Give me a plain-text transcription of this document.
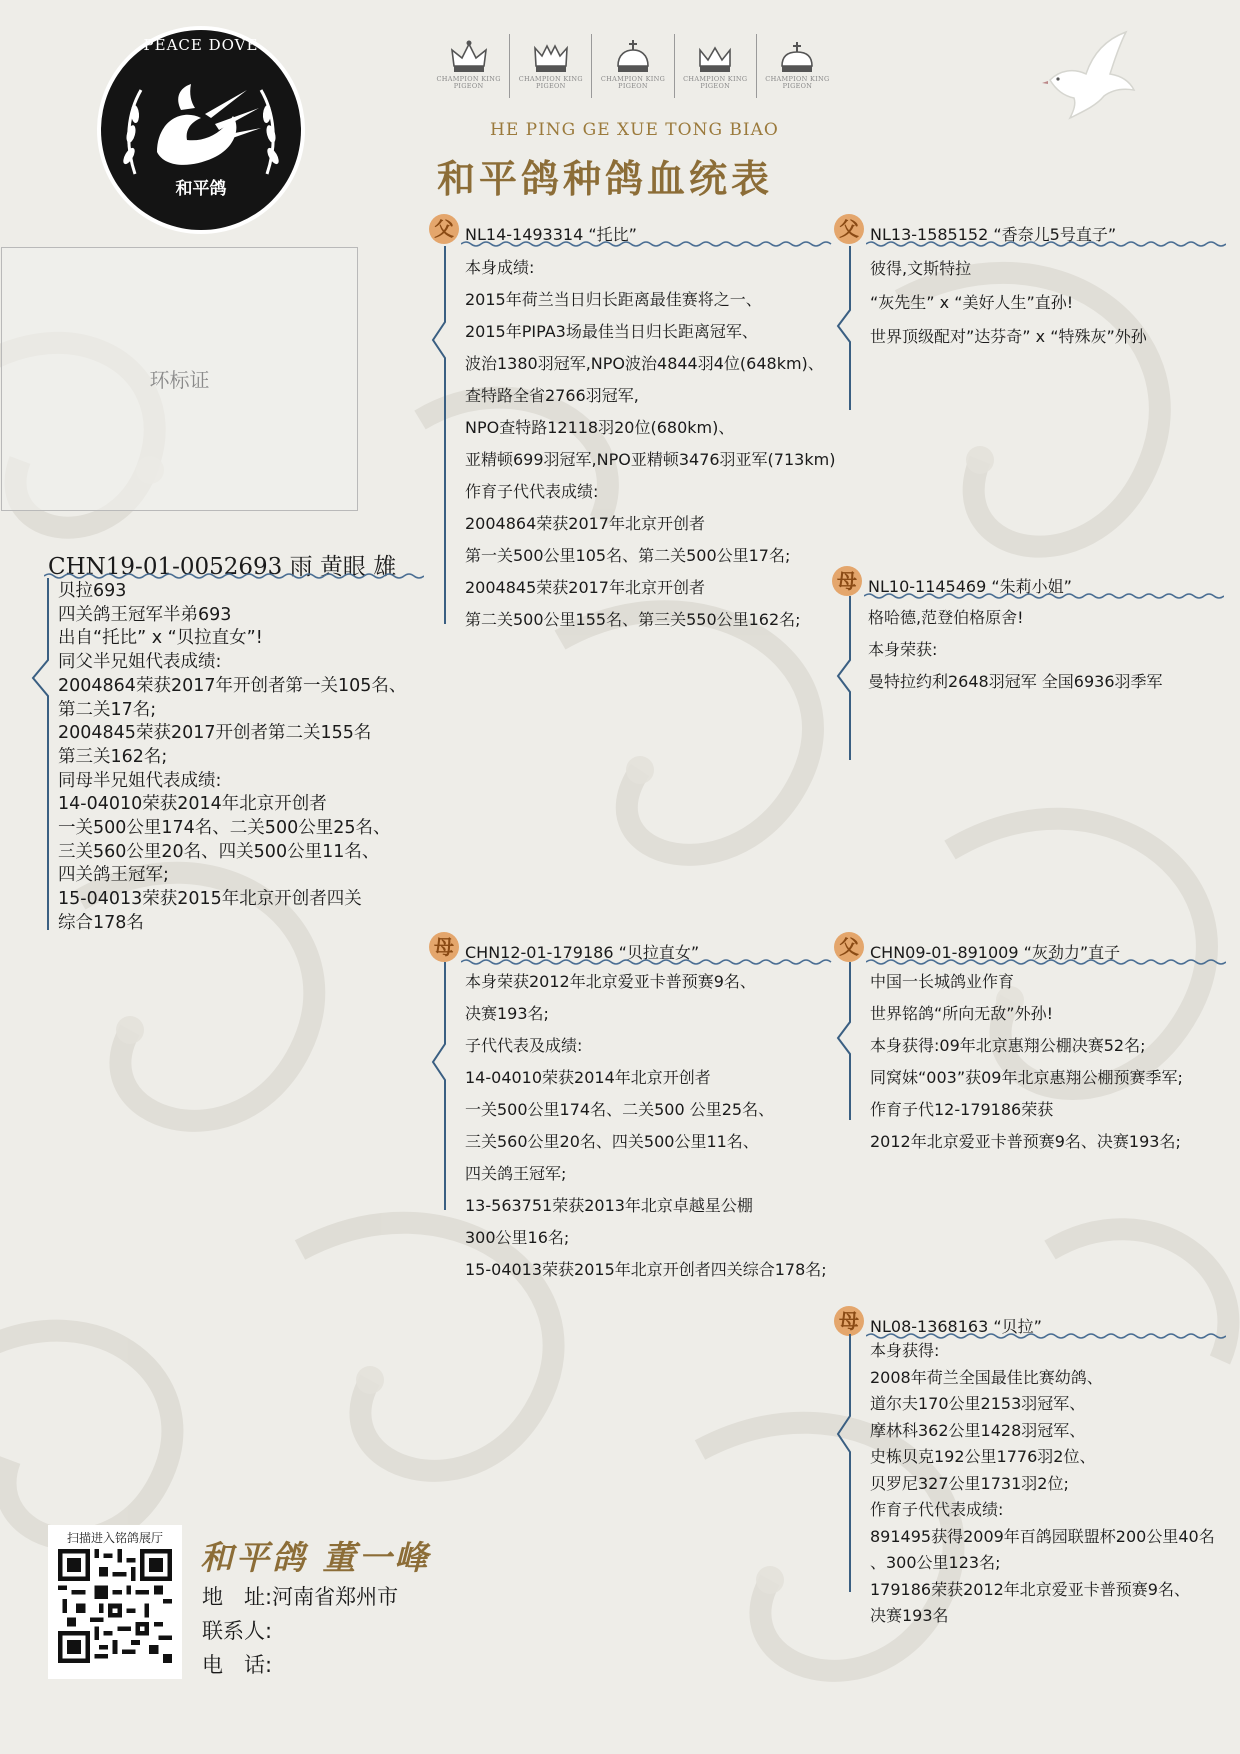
PEACE DOVE
和平鸽
CHAMPION KING PIGEON
CHAMPION KING PIGEON
CHAMPION KING PIGEON
CHAMPION KING PIGEON
CHAMPION KING PIGEON
HE PING GE XUE TONG BIAO
和平鸽种鸽血统表
环标证
CHN19-01-0052693 雨 黄眼 雄
贝拉693
四关鸽王冠军半弟693
出自“托比” x “贝拉直女”!
同父半兄姐代表成绩:
2004864荣获2017年开创者第一关105名、
第二关17名;
2004845荣获2017开创者第二关155名
第三关162名;
同母半兄姐代表成绩:
14-04010荣获2014年北京开创者
一关500公里174名、二关500公里25名、
三关560公里20名、四关500公里11名、
四关鸽王冠军;
15-04013荣获2015年北京开创者四关
综合178名
父 NL14-1493314 “托比”
本身成绩:
2015年荷兰当日归长距离最佳赛将之一、
2015年PIPA3场最佳当日归长距离冠军、
波治1380羽冠军,NPO波治4844羽4位(648km)、
查特路全省2766羽冠军,
NPO查特路12118羽20位(680km)、
亚精顿699羽冠军,NPO亚精顿3476羽亚军(713km)
作育子代代表成绩:
2004864荣获2017年北京开创者
第一关500公里105名、第二关500公里17名;
2004845荣获2017年北京开创者
第二关500公里155名、第三关550公里162名;
父 NL13-1585152 “香奈儿5号直子”
彼得,文斯特拉
“灰先生” x “美好人生”直孙!
世界顶级配对”达芬奇” x “特殊灰”外孙
母 NL10-1145469 “朱莉小姐”
格哈德,范登伯格原舍!
本身荣获:
曼特拉约利2648羽冠军 全国6936羽季军
母 CHN12-01-179186 “贝拉直女”
本身荣获2012年北京爱亚卡普预赛9名、
决赛193名;
子代代表及成绩:
14-04010荣获2014年北京开创者
一关500公里174名、二关500 公里25名、
三关560公里20名、四关500公里11名、
四关鸽王冠军;
13-563751荣获2013年北京卓越星公棚
300公里16名;
15-04013荣获2015年北京开创者四关综合178名;
父 CHN09-01-891009 “灰劲力”直子
中国一长城鸽业作育
世界铭鸽“所向无敌”外孙!
本身获得:09年北京惠翔公棚决赛52名;
同窝妹“003”获09年北京惠翔公棚预赛季军;
作育子代12-179186荣获
2012年北京爱亚卡普预赛9名、决赛193名;
母 NL08-1368163 “贝拉”
本身获得:
2008年荷兰全国最佳比赛幼鸽、
道尔夫170公里2153羽冠军、
摩林科362公里1428羽冠军、
史栋贝克192公里1776羽2位、
贝罗尼327公里1731羽2位;
作育子代代表成绩:
891495获得2009年百鸽园联盟杯200公里40名
、300公里123名;
179186荣获2012年北京爱亚卡普预赛9名、
决赛193名
扫描进入铭鸽展厅	和平鸽 董一峰
地　址:河南省郑州市
联系人:
电　话:
